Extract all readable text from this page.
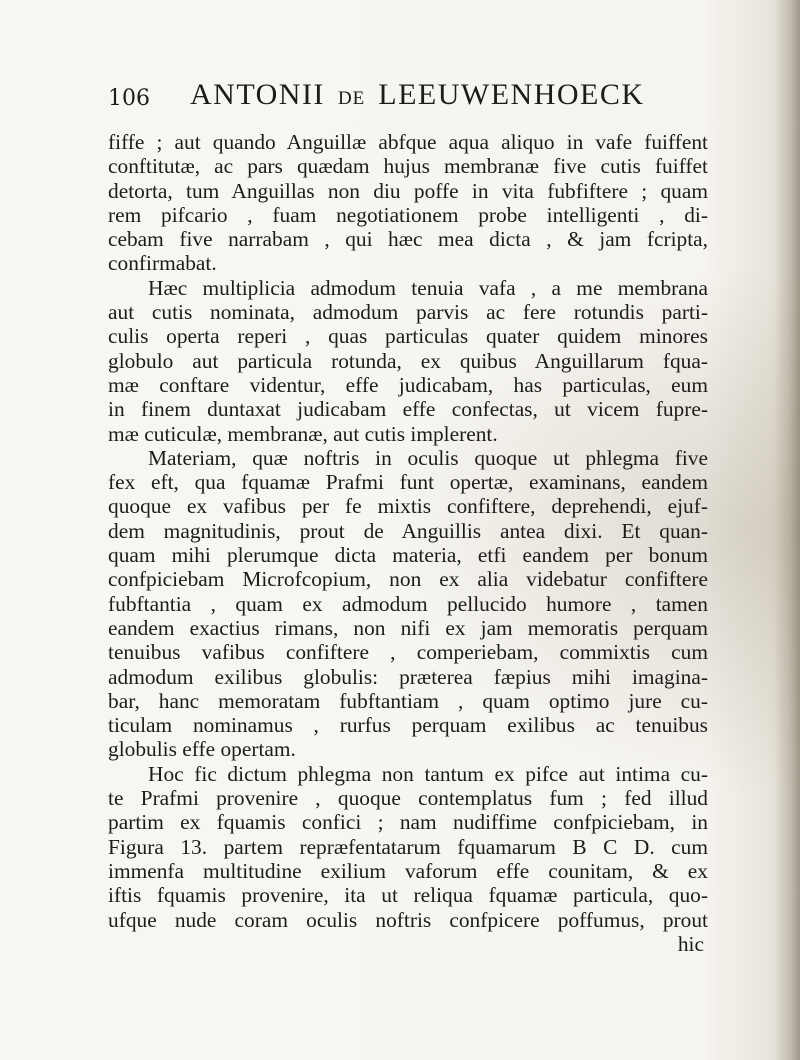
106 ANTONII DE LEEUWENHOECK
fiffe ; aut quando Anguillæ abfque aqua aliquo in vafe fuiffent
conftitutæ, ac pars quædam hujus membranæ five cutis fuiffet
detorta, tum Anguillas non diu poffe in vita fubfiftere ; quam
rem pifcario , fuam negotiationem probe intelligenti , di-
cebam five narrabam , qui hæc mea dicta , & jam fcripta,
confirmabat.
Hæc multiplicia admodum tenuia vafa , a me membrana
aut cutis nominata, admodum parvis ac fere rotundis parti-
culis operta reperi , quas particulas quater quidem minores
globulo aut particula rotunda, ex quibus Anguillarum fqua-
mæ conftare videntur, effe judicabam, has particulas, eum
in finem duntaxat judicabam effe confectas, ut vicem fupre-
mæ cuticulæ, membranæ, aut cutis implerent.
Materiam, quæ noftris in oculis quoque ut phlegma five
fex eft, qua fquamæ Prafmi funt opertæ, examinans, eandem
quoque ex vafibus per fe mixtis confiftere, deprehendi, ejuf-
dem magnitudinis, prout de Anguillis antea dixi. Et quan-
quam mihi plerumque dicta materia, etfi eandem per bonum
confpiciebam Microfcopium, non ex alia videbatur confiftere
fubftantia , quam ex admodum pellucido humore , tamen
eandem exactius rimans, non nifi ex jam memoratis perquam
tenuibus vafibus confiftere , comperiebam, commixtis cum
admodum exilibus globulis: præterea fæpius mihi imagina-
bar, hanc memoratam fubftantiam , quam optimo jure cu-
ticulam nominamus , rurfus perquam exilibus ac tenuibus
globulis effe opertam.
Hoc fic dictum phlegma non tantum ex pifce aut intima cu-
te Prafmi provenire , quoque contemplatus fum ; fed illud
partim ex fquamis confici ; nam nudiffime confpiciebam, in
Figura 13. partem repræfentatarum fquamarum B C D. cum
immenfa multitudine exilium vaforum effe counitam, & ex
iftis fquamis provenire, ita ut reliqua fquamæ particula, quo-
ufque nude coram oculis noftris confpicere poffumus, prout
hic
